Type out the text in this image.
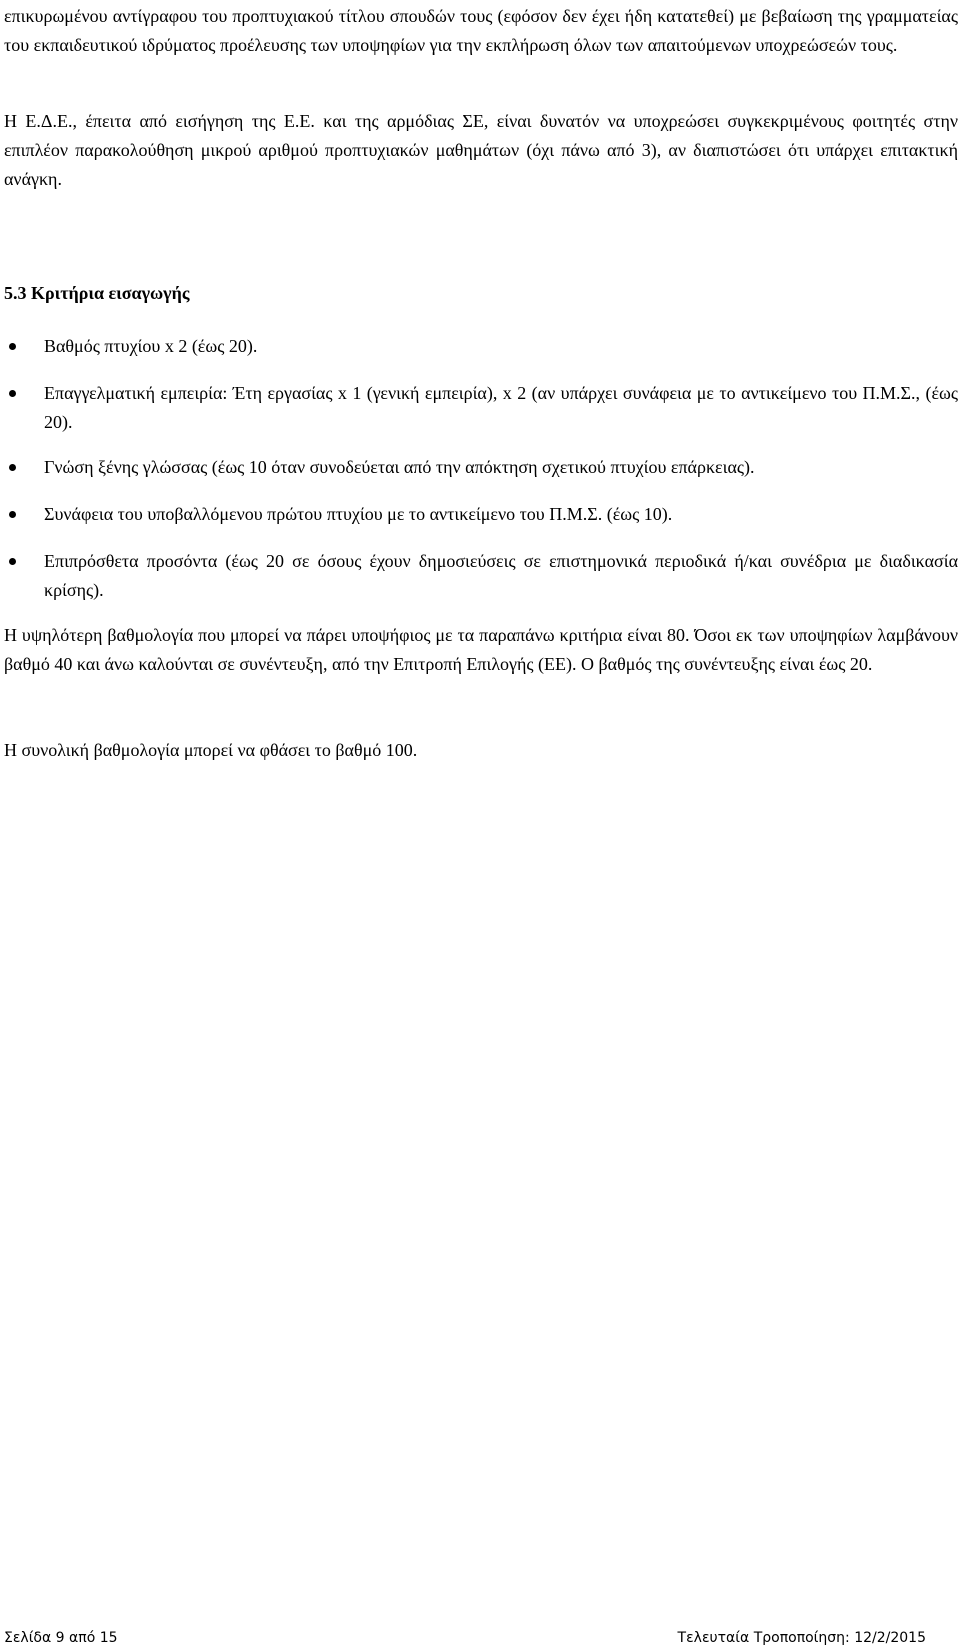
επικυρωμένου αντίγραφου του προπτυχιακού τίτλου σπουδών τους (εφόσον δεν έχει ήδη κατατεθεί) με βεβαίωση της γραμματείας του εκπαιδευτικού ιδρύματος προέλευσης των υποψηφίων για την εκπλήρωση όλων των απαιτούμενων υποχρεώσεών τους.

Η Ε.Δ.Ε., έπειτα από εισήγηση της Ε.Ε. και της αρμόδιας ΣΕ, είναι δυνατόν να υποχρεώσει συγκεκριμένους φοιτητές στην επιπλέον παρακολούθηση μικρού αριθμού προπτυχιακών μαθημάτων (όχι πάνω από 3), αν διαπιστώσει ότι υπάρχει επιτακτική ανάγκη.

5.3 Κριτήρια εισαγωγής

Βαθμός πτυχίου x 2 (έως 20).

Επαγγελματική εμπειρία: Έτη εργασίας x 1 (γενική εμπειρία), x 2 (αν υπάρχει συνάφεια με το αντικείμενο του Π.Μ.Σ., (έως 20).

Γνώση ξένης γλώσσας (έως 10 όταν συνοδεύεται από την απόκτηση σχετικού πτυχίου επάρκειας).

Συνάφεια του υποβαλλόμενου πρώτου πτυχίου με το αντικείμενο του Π.Μ.Σ. (έως 10).

Επιπρόσθετα προσόντα (έως 20 σε όσους έχουν δημοσιεύσεις σε επιστημονικά περιοδικά ή/και συνέδρια με διαδικασία κρίσης).

Η υψηλότερη βαθμολογία που μπορεί να πάρει υποψήφιος με τα παραπάνω κριτήρια είναι 80. Όσοι εκ των υποψηφίων λαμβάνουν βαθμό 40 και άνω καλούνται σε συνέντευξη, από την Επιτροπή Επιλογής (ΕΕ). Ο βαθμός της συνέντευξης είναι έως 20.

Η συνολική βαθμολογία μπορεί να φθάσει το βαθμό 100.

Σελίδα 9 από 15	Τελευταία Τροποποίηση: 12/2/2015
